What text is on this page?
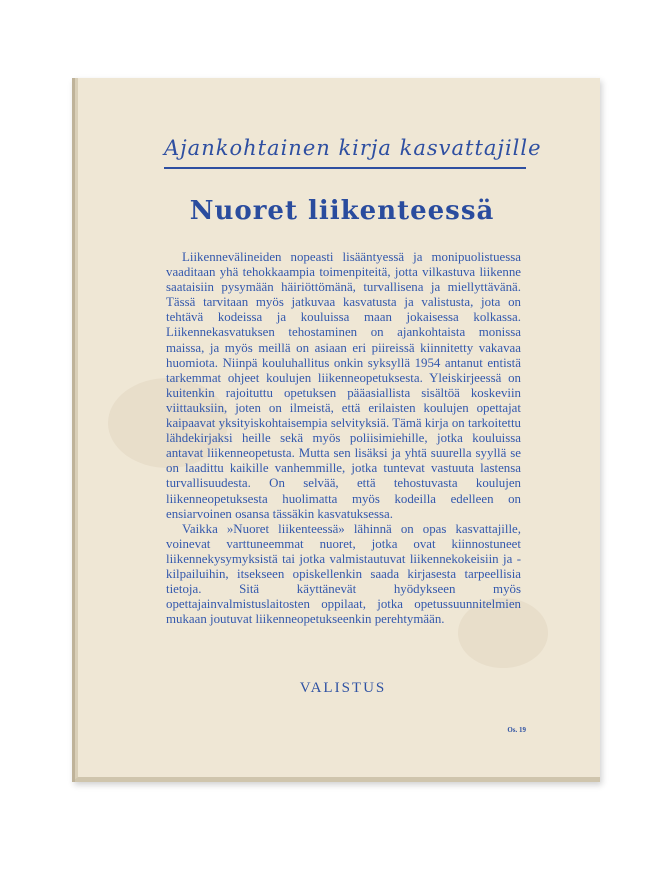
Ajankohtainen kirja kasvattajille
Nuoret liikenteessä

Liikennevälineiden nopeasti lisääntyessä ja monipuolistuessa vaaditaan yhä tehokkaampia toimenpiteitä, jotta vilkastuva liikenne saataisiin pysymään häiriöttömänä, turvallisena ja miellyttävänä. Tässä tarvitaan myös jatkuvaa kasvatusta ja valistusta, jota on tehtävä kodeissa ja kouluissa maan jokaisessa kolkassa. Liikennekasvatuksen tehostaminen on ajankohtaista monissa maissa, ja myös meillä on asiaan eri piireissä kiinnitetty vakavaa huomiota. Niinpä kouluhallitus onkin syksyllä 1954 antanut entistä tarkemmat ohjeet koulujen liikenneopetuksesta. Yleiskirjeessä on kuitenkin rajoituttu opetuksen pääasiallista sisältöä koskeviin viittauksiin, joten on ilmeistä, että erilaisten koulujen opettajat kaipaavat yksityiskohtaisempia selvityksiä. Tämä kirja on tarkoitettu lähdekirjaksi heille sekä myös poliisimiehille, jotka kouluissa antavat liikenneopetusta. Mutta sen lisäksi ja yhtä suurella syyllä se on laadittu kaikille vanhemmille, jotka tuntevat vastuuta lastensa turvallisuudesta. On selvää, että tehostuvasta koulujen liikenneopetuksesta huolimatta myös kodeilla edelleen on ensiarvoinen osansa tässäkin kasvatuksessa.

Vaikka »Nuoret liikenteessä» lähinnä on opas kasvattajille, voinevat varttuneemmat nuoret, jotka ovat kiinnostuneet liikennekysymyksistä tai jotka valmistautuvat liikennekokeisiin ja -kilpailuihin, itsekseen opiskellenkin saada kirjasesta tarpeellisia tietoja. Sitä käyttänevät hyödykseen myös opettajainvalmistuslaitosten oppilaat, jotka opetussuunnitelmien mukaan joutuvat liikenneopetukseenkin perehtymään.

VALISTUS
Os. 19
